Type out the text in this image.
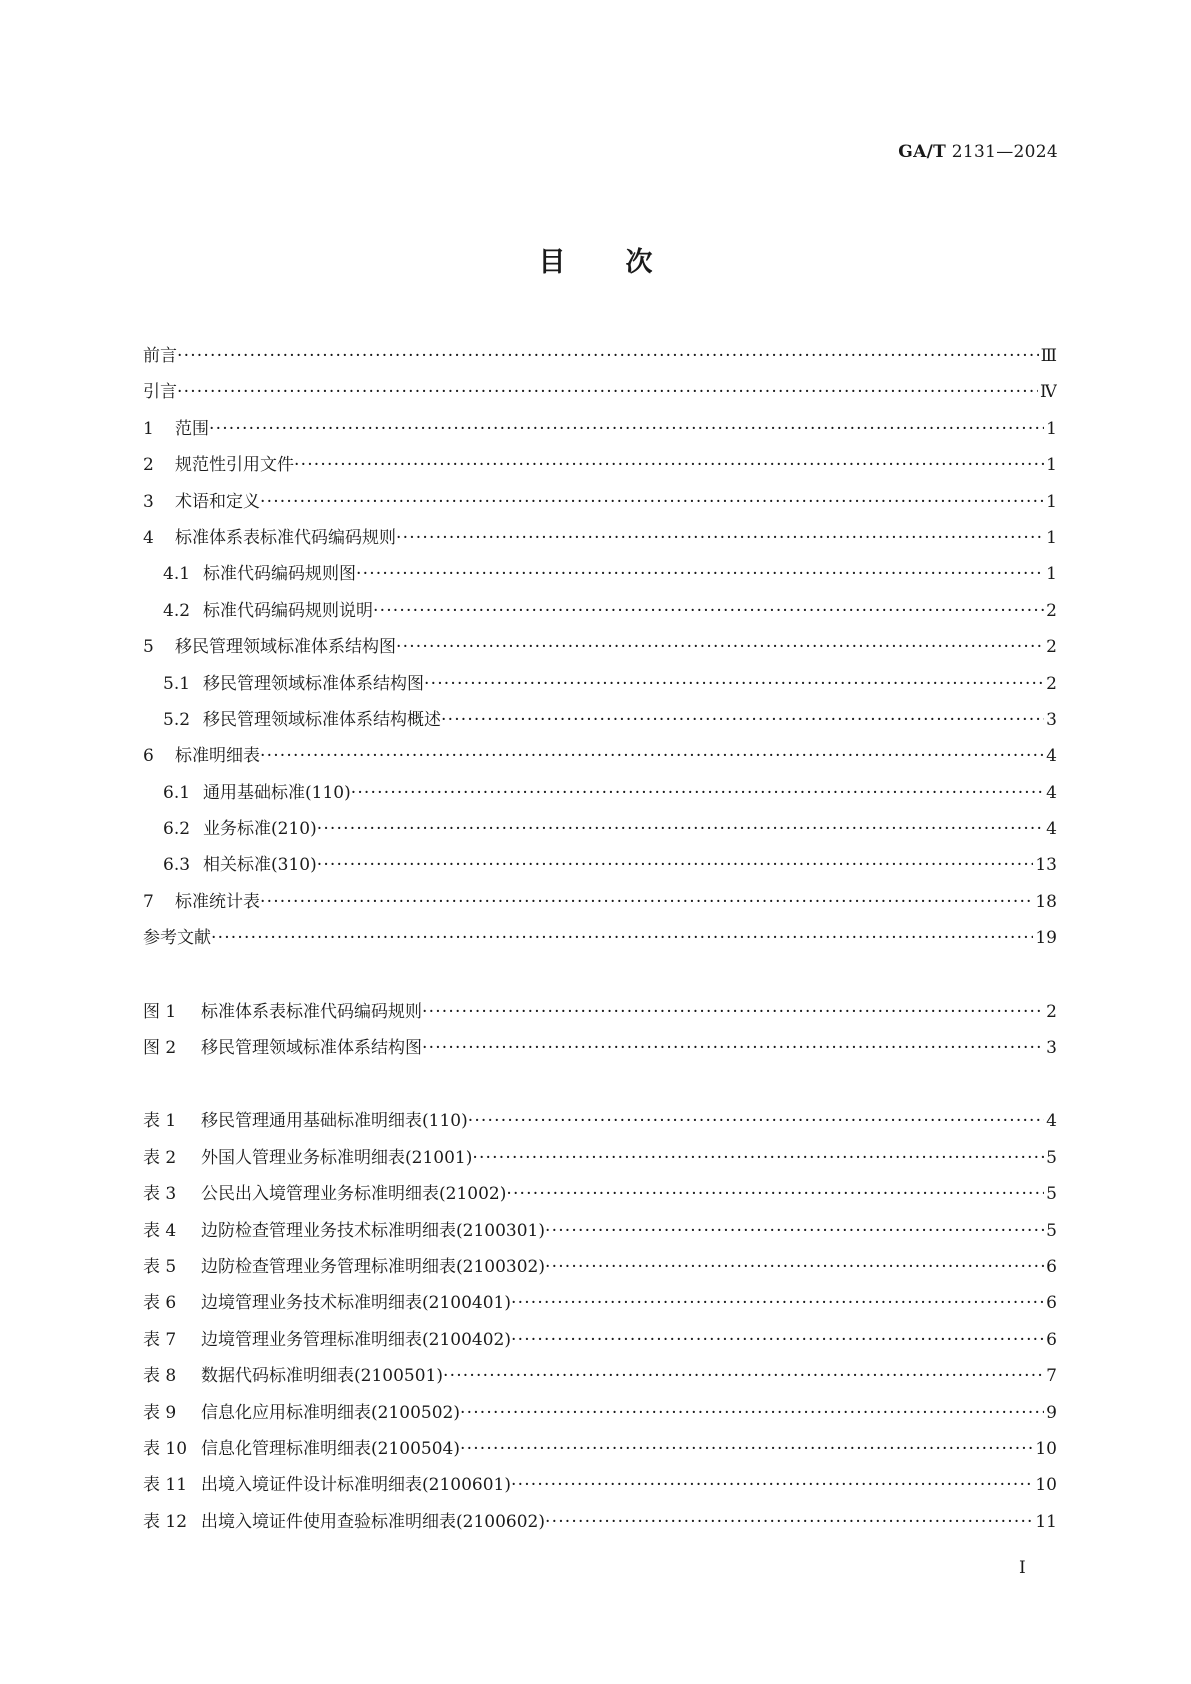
GA/T 2131—2024
目次
前言 ·····	Ⅲ
引言 ·····	Ⅳ
1	范围 ·····	1
2	规范性引用文件 ·····	1
3	术语和定义 ·····	1
4	标准体系表标准代码编码规则 ·····	1
4.1 标准代码编码规则图 ·····	1
4.2 标准代码编码规则说明 ·····	2
5	移民管理领域标准体系结构图 ·····	2
5.1 移民管理领域标准体系结构图 ·····	2
5.2 移民管理领域标准体系结构概述 ·····	3
6	标准明细表 ·····	4
6.1 通用基础标准(110) ·····	4
6.2 业务标准(210) ·····	4
6.3 相关标准(310) ·····	13
7	标准统计表 ·····	18
参考文献 ·····	19
图 1	标准体系表标准代码编码规则 ·····	2
图 2	移民管理领域标准体系结构图 ·····	3
表 1	移民管理通用基础标准明细表(110) ·····	4
表 2	外国人管理业务标准明细表(21001) ·····	5
表 3	公民出入境管理业务标准明细表(21002) ·····	5
表 4	边防检查管理业务技术标准明细表(2100301) ·····	5
表 5	边防检查管理业务管理标准明细表(2100302) ·····	6
表 6	边境管理业务技术标准明细表(2100401) ·····	6
表 7	边境管理业务管理标准明细表(2100402) ·····	6
表 8	数据代码标准明细表(2100501) ·····	7
表 9	信息化应用标准明细表(2100502) ·····	9
表 10 信息化管理标准明细表(2100504) ·····	10
表 11 出境入境证件设计标准明细表(2100601) ·····	10
表 12 出境入境证件使用查验标准明细表(2100602) ·····	11
I
